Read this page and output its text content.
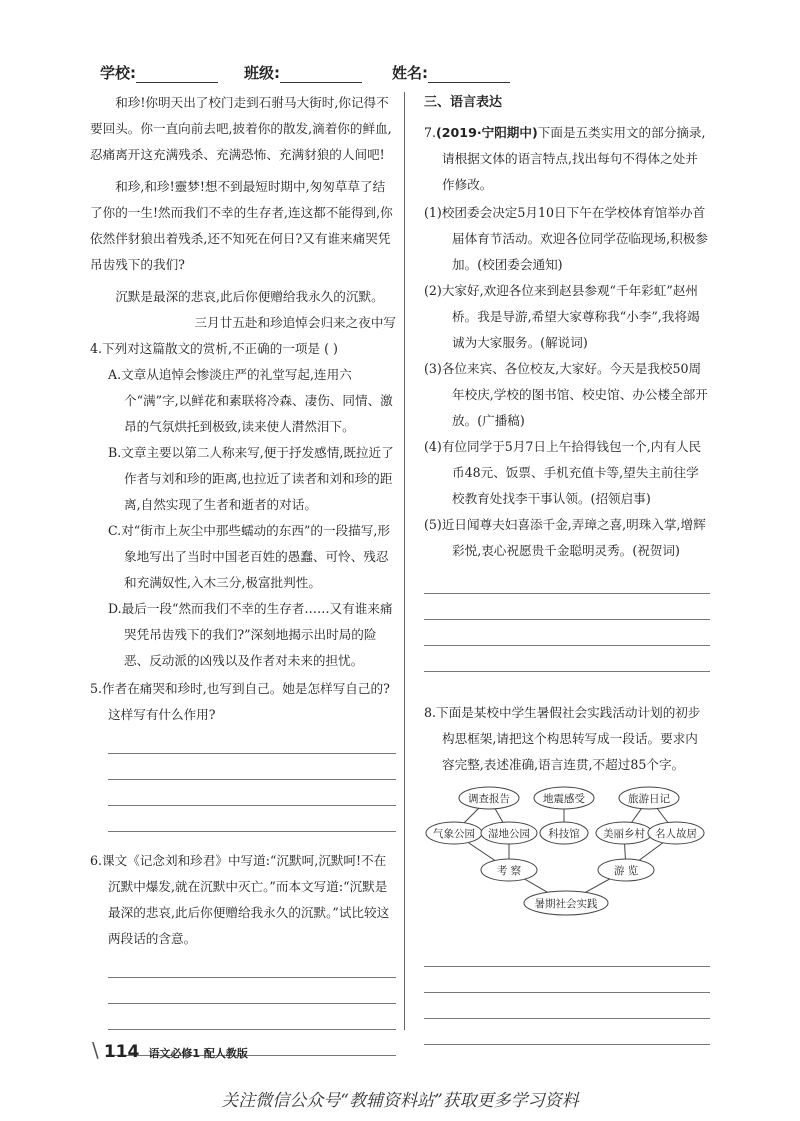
学校:	班级:	姓名:

和珍!你明天出了校门走到石驸马大街时,你记得不要回头。你一直向前去吧,披着你的散发,滴着你的鲜血,忍痛离开这充满残杀、充满恐怖、充满豺狼的人间吧!

和珍,和珍!靈梦!想不到最短时期中,匆匆草草了结了你的一生!然而我们不幸的生存者,连这都不能得到,你依然伴豺狼出着残杀,还不知死在何日?又有谁来痛哭凭吊齿残下的我们?

沉默是最深的悲哀,此后你便赠给我永久的沉默。

三月廿五赴和珍追悼会归来之夜中写

4.下列对这篇散文的赏析,不正确的一项是 ( )

A.文章从追悼会惨淡庄严的礼堂写起,连用六个“满”字,以鲜花和素联将冷森、凄伤、同情、激昂的气氛烘托到极致,读来使人潸然泪下。

B.文章主要以第二人称来写,便于抒发感情,既拉近了作者与刘和珍的距离,也拉近了读者和刘和珍的距离,自然实现了生者和逝者的对话。

C.对“街市上灰尘中那些蠕动的东西”的一段描写,形象地写出了当时中国老百姓的愚蠢、可怜、残忍和充满奴性,入木三分,极富批判性。

D.最后一段“然而我们不幸的生存者……又有谁来痛哭凭吊齿残下的我们?”深刻地揭示出时局的险恶、反动派的凶残以及作者对未来的担忧。

5.作者在痛哭和珍时,也写到自己。她是怎样写自己的?这样写有什么作用?

6.课文《记念刘和珍君》中写道:“沉默呵,沉默呵!不在沉默中爆发,就在沉默中灭亡。”而本文写道:“沉默是最深的悲哀,此后你便赠给我永久的沉默。”试比较这两段话的含意。

三、语言表达

7.(2019·宁阳期中)下面是五类实用文的部分摘录,请根据文体的语言特点,找出每句不得体之处并作修改。

(1)校团委会决定5月10日下午在学校体育馆举办首届体育节活动。欢迎各位同学莅临现场,积极参加。(校团委会通知)

(2)大家好,欢迎各位来到赵县参观“千年彩虹”赵州桥。我是导游,希望大家尊称我“小李”,我将竭诚为大家服务。(解说词)

(3)各位来宾、各位校友,大家好。今天是我校50周年校庆,学校的图书馆、校史馆、办公楼全部开放。(广播稿)

(4)有位同学于5月7日上午拾得钱包一个,内有人民币48元、饭票、手机充值卡等,望失主前往学校教育处找李干事认领。(招领启事)

(5)近日闻尊夫妇喜添千金,弄璋之喜,明珠入掌,增辉彩悦,衷心祝愿贵千金聪明灵秀。(祝贺词)

8.下面是某校中学生暑假社会实践活动计划的初步构思框架,请把这个构思转写成一段话。要求内容完整,表述准确,语言连贯,不超过85个字。

调查报告	地震感受	旅游日记
气象公园 湿地公园 科技馆 美丽乡村 名人故居
考 察	游 览
暑期社会实践
\ 114 语文必修1 配人教版
关注微信公众号“教辅资料站”获取更多学习资料
